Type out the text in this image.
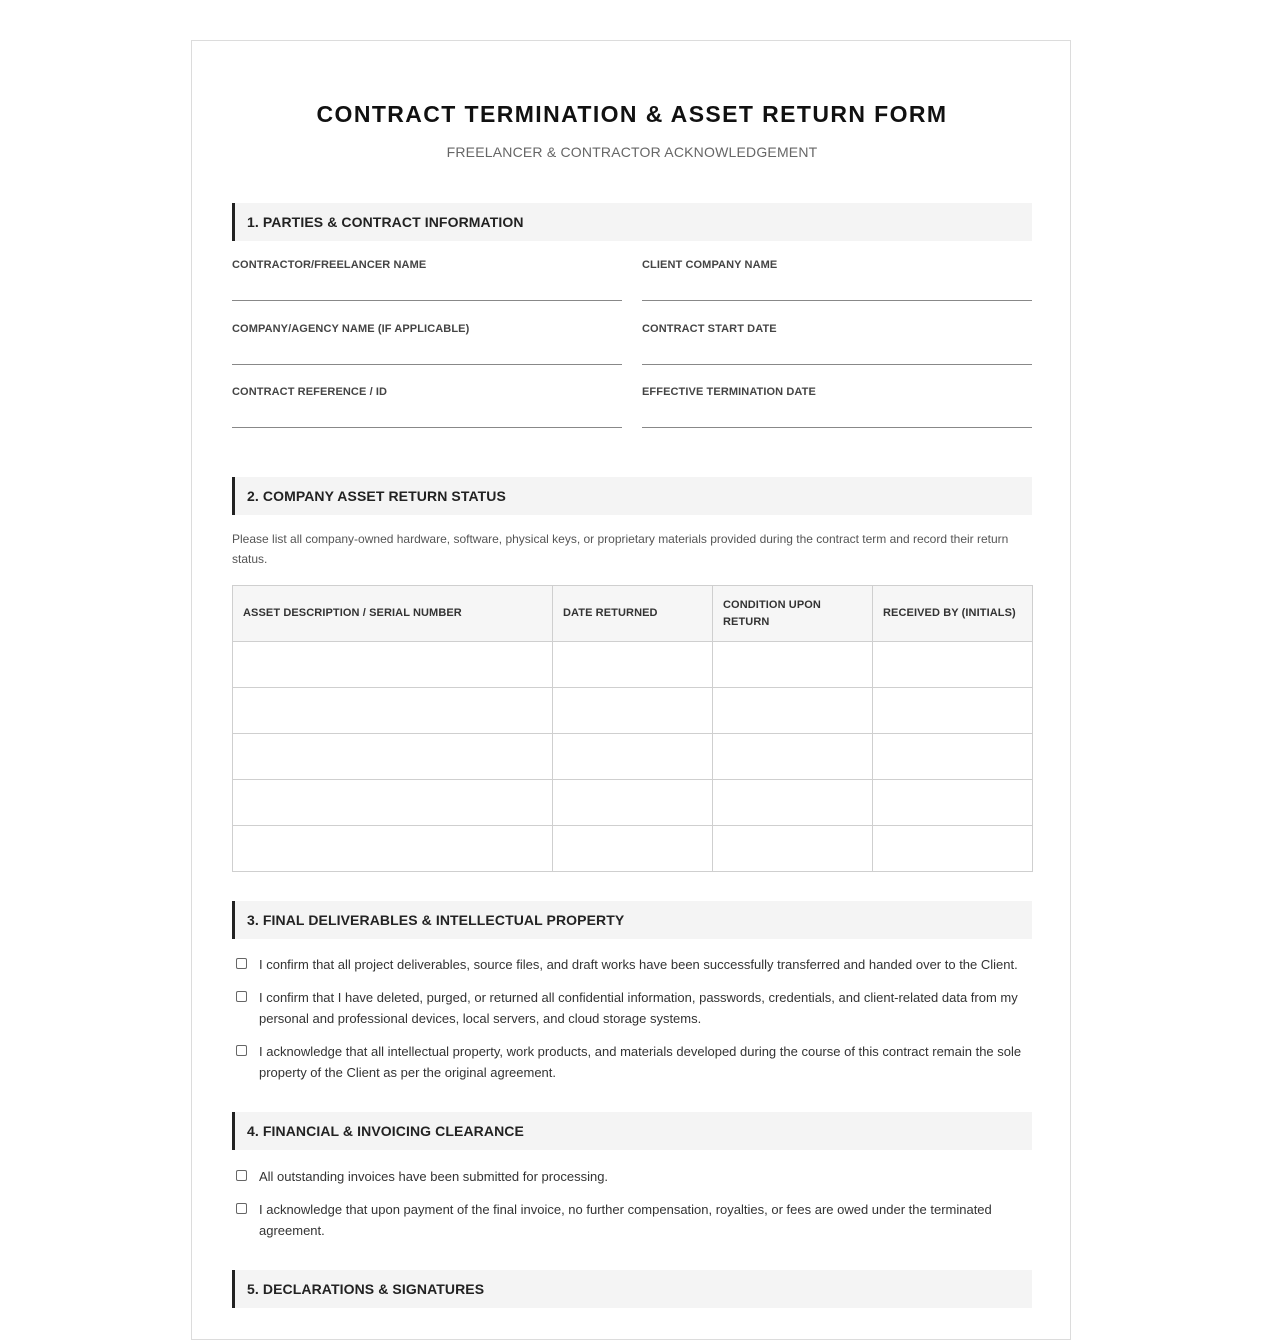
CONTRACT TERMINATION & ASSET RETURN FORM
FREELANCER & CONTRACTOR ACKNOWLEDGEMENT
1. PARTIES & CONTRACT INFORMATION
CONTRACTOR/FREELANCER NAME	CLIENT COMPANY NAME
COMPANY/AGENCY NAME (IF APPLICABLE)	CONTRACT START DATE
CONTRACT REFERENCE / ID	EFFECTIVE TERMINATION DATE
2. COMPANY ASSET RETURN STATUS
Please list all company-owned hardware, software, physical keys, or proprietary materials provided during the contract term and record their return status.
ASSET DESCRIPTION / SERIAL NUMBER	DATE RETURNED	CONDITION UPON RETURN	RECEIVED BY (INITIALS)

3. FINAL DELIVERABLES & INTELLECTUAL PROPERTY
I confirm that all project deliverables, source files, and draft works have been successfully transferred and handed over to the Client.
I confirm that I have deleted, purged, or returned all confidential information, passwords, credentials, and client-related data from my personal and professional devices, local servers, and cloud storage systems.
I acknowledge that all intellectual property, work products, and materials developed during the course of this contract remain the sole property of the Client as per the original agreement.
4. FINANCIAL & INVOICING CLEARANCE
All outstanding invoices have been submitted for processing.
I acknowledge that upon payment of the final invoice, no further compensation, royalties, or fees are owed under the terminated agreement.
5. DECLARATIONS & SIGNATURES
